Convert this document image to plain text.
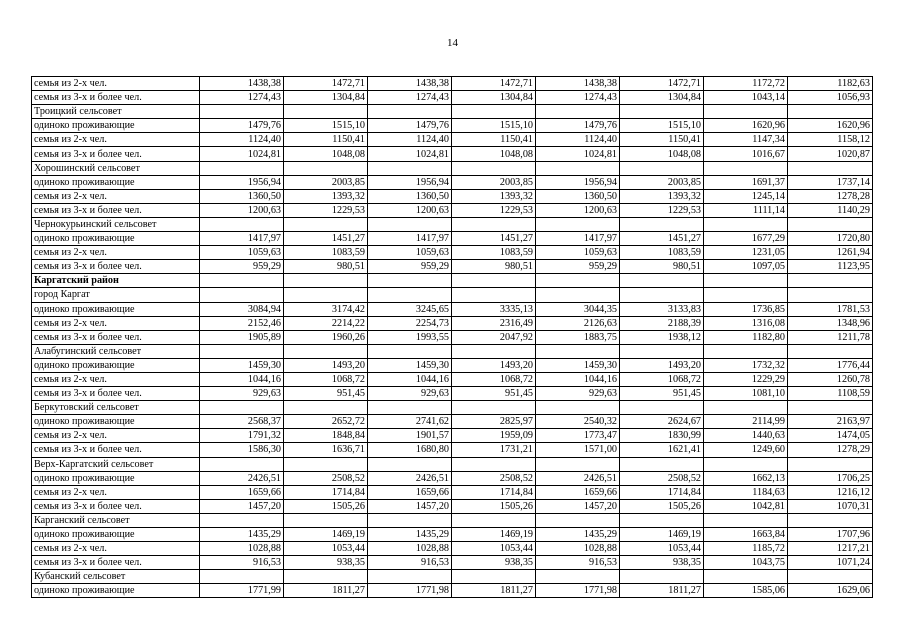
14
семья из 2-х чел.	1438,38	1472,71	1438,38	1472,71	1438,38	1472,71	1172,72	1182,63
семья из 3-х и более чел.	1274,43	1304,84	1274,43	1304,84	1274,43	1304,84	1043,14	1056,93
Троицкий сельсовет								
одиноко проживающие	1479,76	1515,10	1479,76	1515,10	1479,76	1515,10	1620,96	1620,96
семья из 2-х чел.	1124,40	1150,41	1124,40	1150,41	1124,40	1150,41	1147,34	1158,12
семья из 3-х и более чел.	1024,81	1048,08	1024,81	1048,08	1024,81	1048,08	1016,67	1020,87
Хорошинский сельсовет								
одиноко проживающие	1956,94	2003,85	1956,94	2003,85	1956,94	2003,85	1691,37	1737,14
семья из 2-х чел.	1360,50	1393,32	1360,50	1393,32	1360,50	1393,32	1245,14	1278,28
семья из 3-х и более чел.	1200,63	1229,53	1200,63	1229,53	1200,63	1229,53	1111,14	1140,29
Чернокурьинский сельсовет								
одиноко проживающие	1417,97	1451,27	1417,97	1451,27	1417,97	1451,27	1677,29	1720,80
семья из 2-х чел.	1059,63	1083,59	1059,63	1083,59	1059,63	1083,59	1231,05	1261,94
семья из 3-х и более чел.	959,29	980,51	959,29	980,51	959,29	980,51	1097,05	1123,95
Каргатский район								
город Каргат								
одиноко проживающие	3084,94	3174,42	3245,65	3335,13	3044,35	3133,83	1736,85	1781,53
семья из 2-х чел.	2152,46	2214,22	2254,73	2316,49	2126,63	2188,39	1316,08	1348,96
семья из 3-х и более чел.	1905,89	1960,26	1993,55	2047,92	1883,75	1938,12	1182,80	1211,78
Алабугинский сельсовет								
одиноко проживающие	1459,30	1493,20	1459,30	1493,20	1459,30	1493,20	1732,32	1776,44
семья из 2-х чел.	1044,16	1068,72	1044,16	1068,72	1044,16	1068,72	1229,29	1260,78
семья из 3-х и более чел.	929,63	951,45	929,63	951,45	929,63	951,45	1081,10	1108,59
Беркутовский сельсовет								
одиноко проживающие	2568,37	2652,72	2741,62	2825,97	2540,32	2624,67	2114,99	2163,97
семья из 2-х чел.	1791,32	1848,84	1901,57	1959,09	1773,47	1830,99	1440,63	1474,05
семья из 3-х и более чел.	1586,30	1636,71	1680,80	1731,21	1571,00	1621,41	1249,60	1278,29
Верх-Каргатский сельсовет								
одиноко проживающие	2426,51	2508,52	2426,51	2508,52	2426,51	2508,52	1662,13	1706,25
семья из 2-х чел.	1659,66	1714,84	1659,66	1714,84	1659,66	1714,84	1184,63	1216,12
семья из 3-х и более чел.	1457,20	1505,26	1457,20	1505,26	1457,20	1505,26	1042,81	1070,31
Карганский сельсовет								
одиноко проживающие	1435,29	1469,19	1435,29	1469,19	1435,29	1469,19	1663,84	1707,96
семья из 2-х чел.	1028,88	1053,44	1028,88	1053,44	1028,88	1053,44	1185,72	1217,21
семья из 3-х и более чел.	916,53	938,35	916,53	938,35	916,53	938,35	1043,75	1071,24
Кубанский сельсовет								
одиноко проживающие	1771,99	1811,27	1771,98	1811,27	1771,98	1811,27	1585,06	1629,06
